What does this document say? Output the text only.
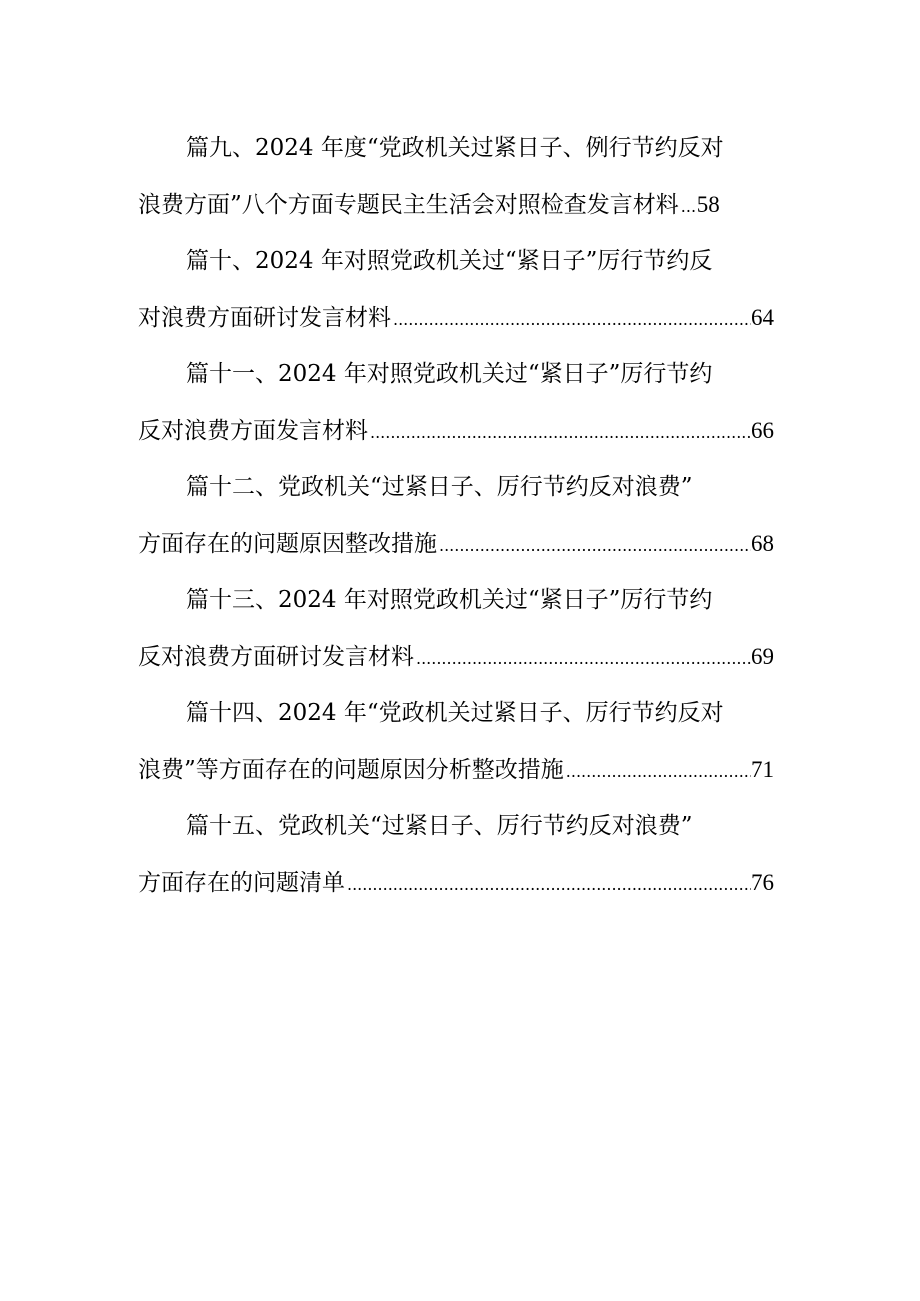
篇九、2024 年度“党政机关过紧日子、例行节约反对
浪费方面”八个方面专题民主生活会对照检查发言材料 ..... 58
篇十、2024 年对照党政机关过“紧日子”厉行节约反
对浪费方面研讨发言材料 .....	64
篇十一、2024 年对照党政机关过“紧日子”厉行节约
反对浪费方面发言材料 .....	66
篇十二、党政机关“过紧日子、厉行节约反对浪费”
方面存在的问题原因整改措施 .....	68
篇十三、2024 年对照党政机关过“紧日子”厉行节约
反对浪费方面研讨发言材料 .....	69
篇十四、2024 年“党政机关过紧日子、厉行节约反对
浪费”等方面存在的问题原因分析整改措施 .....	71
篇十五、党政机关“过紧日子、厉行节约反对浪费”
方面存在的问题清单 .....	76
